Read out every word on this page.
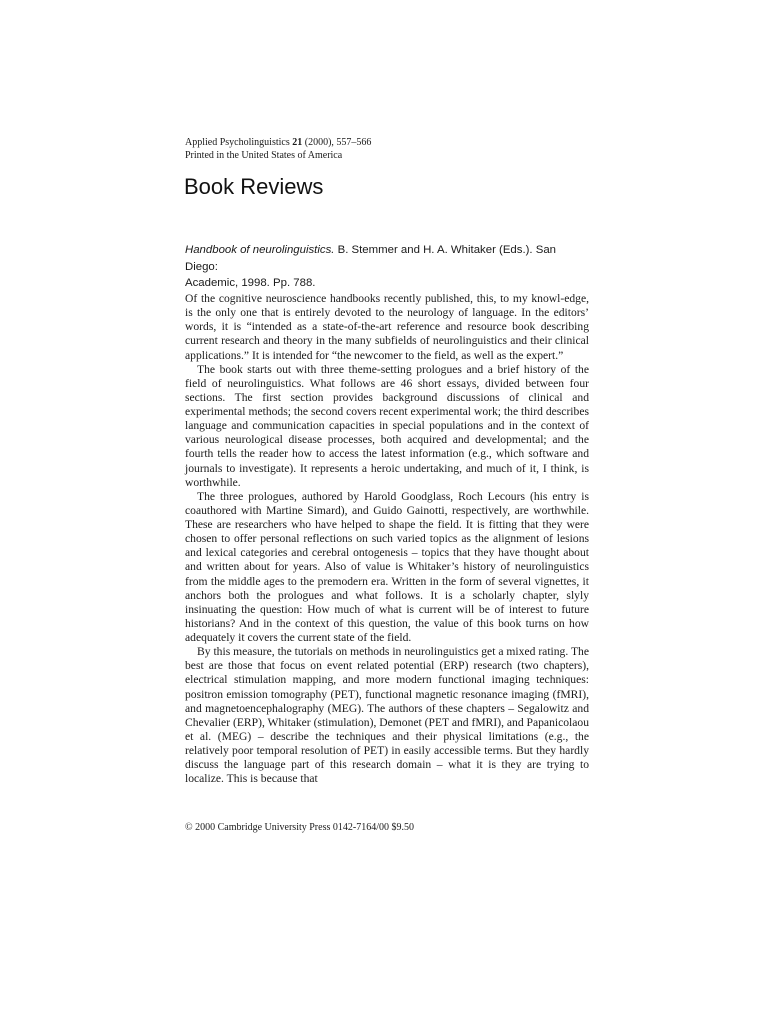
Applied Psycholinguistics 21 (2000), 557–566
Printed in the United States of America
Book Reviews
Handbook of neurolinguistics. B. Stemmer and H. A. Whitaker (Eds.). San Diego:
Academic, 1998. Pp. 788.

Of the cognitive neuroscience handbooks recently published, this, to my knowl-edge, is the only one that is entirely devoted to the neurology of language. In the editors’ words, it is “intended as a state-of-the-art reference and resource book describing current research and theory in the many subfields of neurolinguistics and their clinical applications.” It is intended for “the newcomer to the field, as well as the expert.”

The book starts out with three theme-setting prologues and a brief history of the field of neurolinguistics. What follows are 46 short essays, divided between four sections. The first section provides background discussions of clinical and experimental methods; the second covers recent experimental work; the third describes language and communication capacities in special populations and in the context of various neurological disease processes, both acquired and developmental; and the fourth tells the reader how to access the latest information (e.g., which software and journals to investigate). It represents a heroic undertaking, and much of it, I think, is worthwhile.

The three prologues, authored by Harold Goodglass, Roch Lecours (his entry is coauthored with Martine Simard), and Guido Gainotti, respectively, are worthwhile. These are researchers who have helped to shape the field. It is fitting that they were chosen to offer personal reflections on such varied topics as the alignment of lesions and lexical categories and cerebral ontogenesis – topics that they have thought about and written about for years. Also of value is Whitaker’s history of neurolinguistics from the middle ages to the premodern era. Written in the form of several vignettes, it anchors both the prologues and what follows. It is a scholarly chapter, slyly insinuating the question: How much of what is current will be of interest to future historians? And in the context of this question, the value of this book turns on how adequately it covers the current state of the field.

By this measure, the tutorials on methods in neurolinguistics get a mixed rating. The best are those that focus on event related potential (ERP) research (two chapters), electrical stimulation mapping, and more modern functional imaging techniques: positron emission tomography (PET), functional magnetic resonance imaging (fMRI), and magnetoencephalography (MEG). The authors of these chapters – Segalowitz and Chevalier (ERP), Whitaker (stimulation), Demonet (PET and fMRI), and Papanicolaou et al. (MEG) – describe the techniques and their physical limitations (e.g., the relatively poor temporal resolution of PET) in easily accessible terms. But they hardly discuss the language part of this research domain – what it is they are trying to localize. This is because that

© 2000 Cambridge University Press 0142-7164/00 $9.50
